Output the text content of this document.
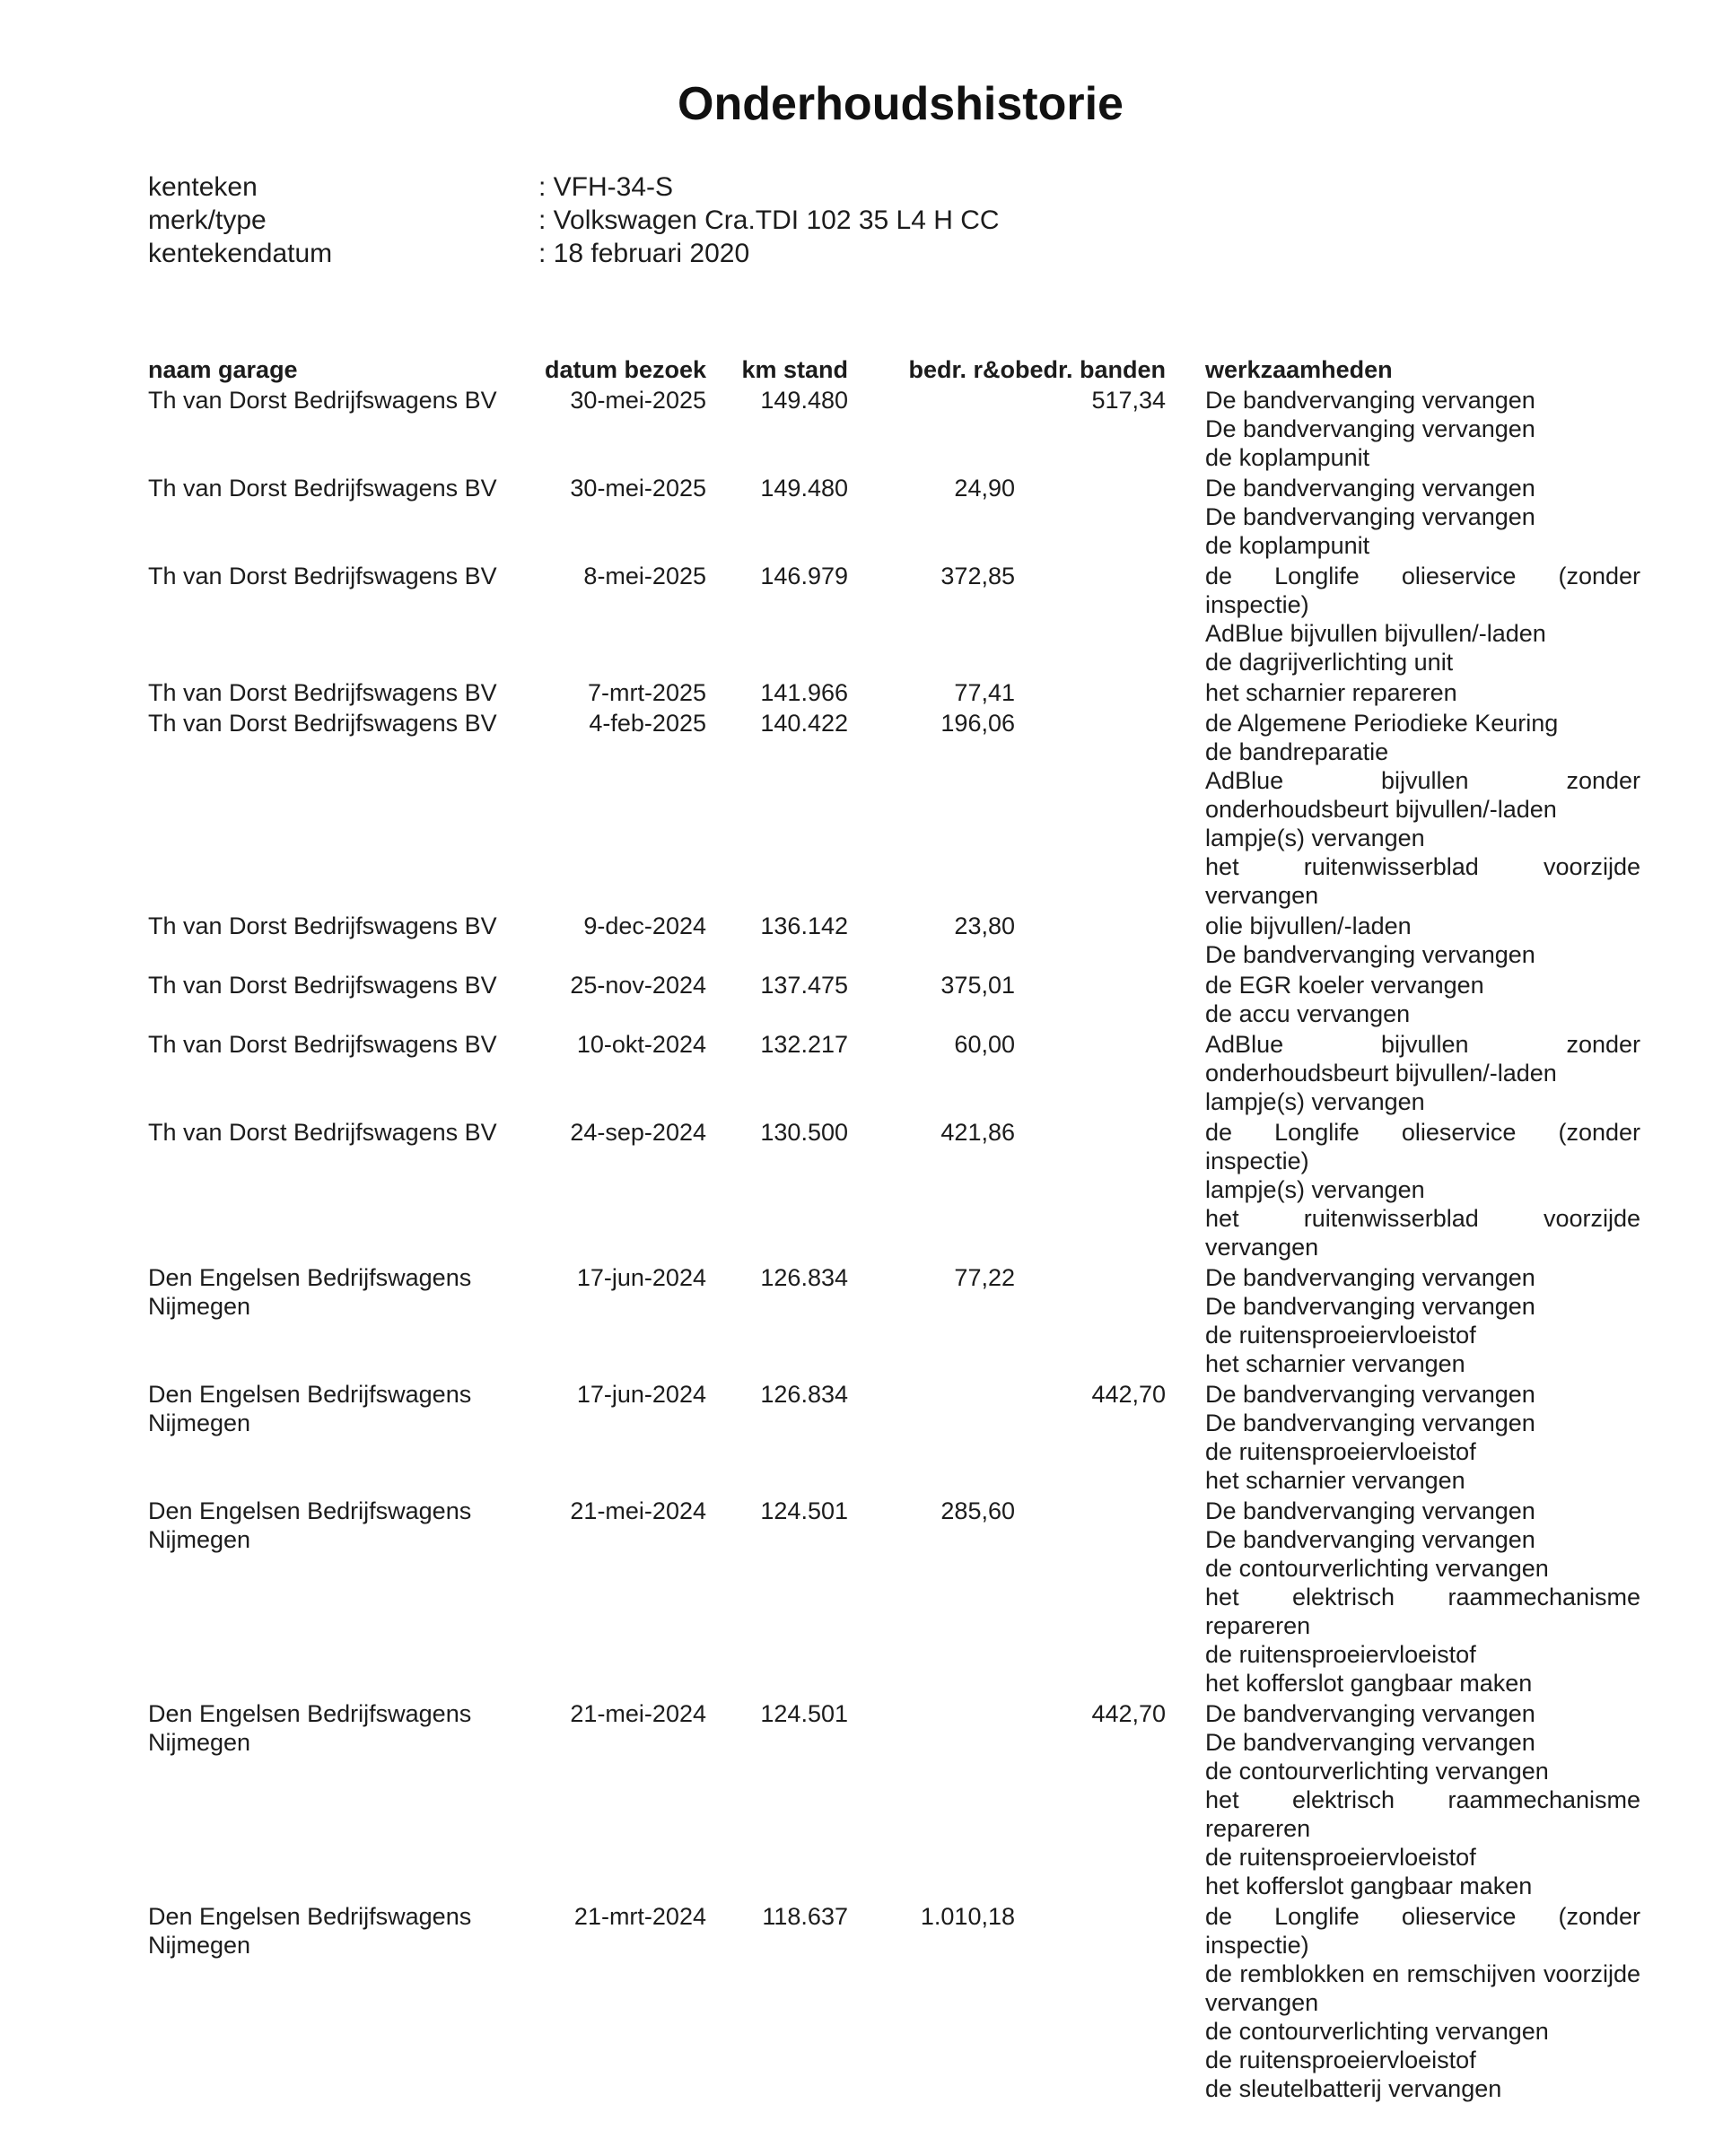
Onderhoudshistorie
kenteken	: VFH-34-S
merk/type	: Volkswagen Cra.TDI 102 35 L4 H CC
kentekendatum	: 18 februari 2020
naam garage	datum bezoek	km stand	bedr. r&o	bedr. banden	werkzaamheden
Th van Dorst Bedrijfswagens BV	30-mei-2025	149.480		517,34	De bandvervanging vervangen
De bandvervanging vervangen
de koplampunit

Th van Dorst Bedrijfswagens BV	30-mei-2025	149.480	24,90		De bandvervanging vervangen
De bandvervanging vervangen
de koplampunit

Th van Dorst Bedrijfswagens BV	8-mei-2025	146.979	372,85		de Longlife olieservice (zonder inspectie)
AdBlue bijvullen bijvullen/-laden
de dagrijverlichting unit

Th van Dorst Bedrijfswagens BV	7-mrt-2025	141.966	77,41		het scharnier repareren

Th van Dorst Bedrijfswagens BV	4-feb-2025	140.422	196,06		de Algemene Periodieke Keuring
de bandreparatie
AdBlue bijvullen zonder onderhoudsbeurt bijvullen/-laden
lampje(s) vervangen
het ruitenwisserblad voorzijde vervangen

Th van Dorst Bedrijfswagens BV	9-dec-2024	136.142	23,80		olie bijvullen/-laden
De bandvervanging vervangen

Th van Dorst Bedrijfswagens BV	25-nov-2024	137.475	375,01		de EGR koeler vervangen
de accu vervangen

Th van Dorst Bedrijfswagens BV	10-okt-2024	132.217	60,00		AdBlue bijvullen zonder onderhoudsbeurt bijvullen/-laden
lampje(s) vervangen

Th van Dorst Bedrijfswagens BV	24-sep-2024	130.500	421,86		de Longlife olieservice (zonder inspectie)
lampje(s) vervangen
het ruitenwisserblad voorzijde vervangen

Den Engelsen Bedrijfswagens Nijmegen	17-jun-2024	126.834	77,22		De bandvervanging vervangen
De bandvervanging vervangen
de ruitensproeiervloeistof
het scharnier vervangen

Den Engelsen Bedrijfswagens Nijmegen	17-jun-2024	126.834		442,70	De bandvervanging vervangen
De bandvervanging vervangen
de ruitensproeiervloeistof
het scharnier vervangen

Den Engelsen Bedrijfswagens Nijmegen	21-mei-2024	124.501	285,60		De bandvervanging vervangen
De bandvervanging vervangen
de contourverlichting vervangen
het elektrisch raammechanisme repareren
de ruitensproeiervloeistof
het kofferslot gangbaar maken

Den Engelsen Bedrijfswagens Nijmegen	21-mei-2024	124.501		442,70	De bandvervanging vervangen
De bandvervanging vervangen
de contourverlichting vervangen
het elektrisch raammechanisme repareren
de ruitensproeiervloeistof
het kofferslot gangbaar maken

Den Engelsen Bedrijfswagens Nijmegen	21-mrt-2024	118.637	1.010,18		de Longlife olieservice (zonder inspectie)
de remblokken en remschijven voorzijde vervangen
de contourverlichting vervangen
de ruitensproeiervloeistof
de sleutelbatterij vervangen
